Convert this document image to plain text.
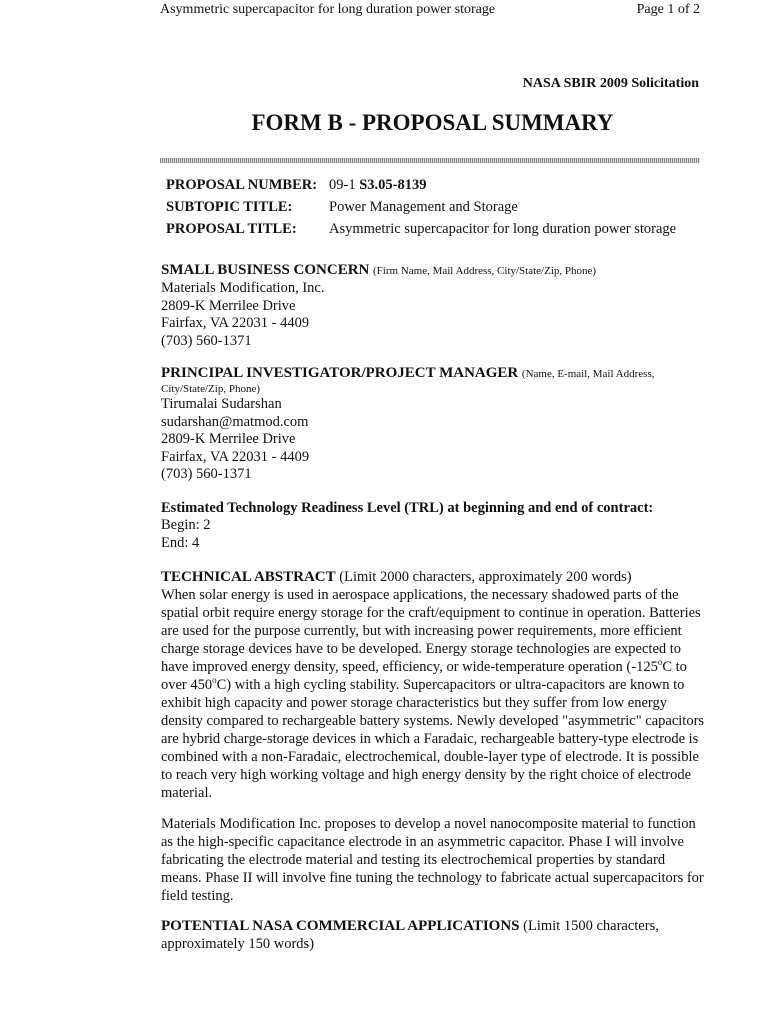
Asymmetric supercapacitor for long duration power storage	Page 1 of 2
NASA SBIR 2009 Solicitation
FORM B - PROPOSAL SUMMARY
PROPOSAL NUMBER: 09-1 S3.05-8139
SUBTOPIC TITLE:	Power Management and Storage
PROPOSAL TITLE: Asymmetric supercapacitor for long duration power storage
SMALL BUSINESS CONCERN (Firm Name, Mail Address, City/State/Zip, Phone)
Materials Modification, Inc.
2809-K Merrilee Drive
Fairfax, VA 22031 - 4409
(703) 560-1371
PRINCIPAL INVESTIGATOR/PROJECT MANAGER (Name, E-mail, Mail Address,
City/State/Zip, Phone)
Tirumalai Sudarshan
sudarshan@matmod.com
2809-K Merrilee Drive
Fairfax, VA 22031 - 4409
(703) 560-1371
Estimated Technology Readiness Level (TRL) at beginning and end of contract:
Begin: 2
End: 4
TECHNICAL ABSTRACT (Limit 2000 characters, approximately 200 words)

When solar energy is used in aerospace applications, the necessary shadowed parts of the spatial orbit require energy storage for the craft/equipment to continue in operation. Batteries are used for the purpose currently, but with increasing power requirements, more efficient charge storage devices have to be developed. Energy storage technologies are expected to have improved energy density, speed, efficiency, or wide-temperature operation (-125$^o$C to over 450$^o$C) with a high cycling stability. Supercapacitors or ultra-capacitors are known to exhibit high capacity and power storage characteristics but they suffer from low energy density compared to rechargeable battery systems. Newly developed "asymmetric" capacitors are hybrid charge-storage devices in which a Faradaic, rechargeable battery-type electrode is combined with a non-Faradaic, electrochemical, double-layer type of electrode. It is possible to reach very high working voltage and high energy density by the right choice of electrode material.

Materials Modification Inc. proposes to develop a novel nanocomposite material to function as the high-specific capacitance electrode in an asymmetric capacitor. Phase I will involve fabricating the electrode material and testing its electrochemical properties by standard means. Phase II will involve fine tuning the technology to fabricate actual supercapacitors for field testing.

POTENTIAL NASA COMMERCIAL APPLICATIONS (Limit 1500 characters, approximately 150 words)
